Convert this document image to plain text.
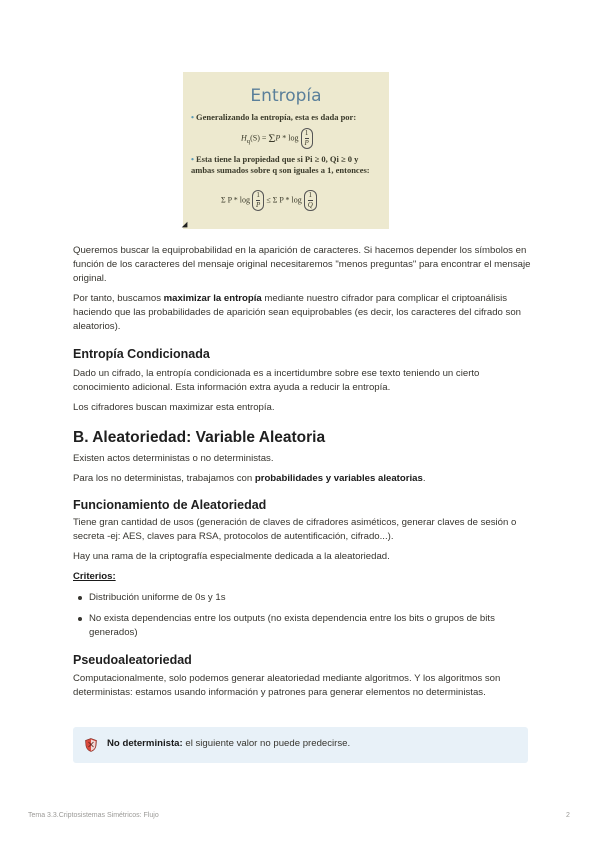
Entropía
• Generalizando la entropía, esta es dada por:
$H_q(S) = \Sigma P * \log \frac{1}{P}$
• Esta tiene la propiedad que si Pi ≥ 0, Qi ≥ 0 y ambas sumados sobre q son iguales a 1, entonces:
Σ $P * \log \frac{1}{P} \le \Sigma$ P * $\log \frac{1}{Q}$

Queremos buscar la equiprobabilidad en la aparición de caracteres. Si hacemos depender los símbolos en función de los caracteres del mensaje original necesitaremos "menos preguntas" para encontrar el mensaje original.

Por tanto, buscamos maximizar la entropía mediante nuestro cifrador para complicar el criptoanálisis haciendo que las probabilidades de aparición sean equiprobables (es decir, los caracteres del cifrado son aleatorios).

Entropía Condicionada

Dado un cifrado, la entropía condicionada es a incertidumbre sobre ese texto teniendo un cierto conocimiento adicional. Esta información extra ayuda a reducir la entropía.

Los cifradores buscan maximizar esta entropía.

B. Aleatoriedad: Variable Aleatoria

Existen actos deterministas o no deterministas.

Para los no deterministas, trabajamos con probabilidades y variables aleatorias.

Funcionamiento de Aleatoriedad

Tiene gran cantidad de usos (generación de claves de cifradores asiméticos, generar claves de sesión o secreta -ej: AES, claves para RSA, protocolos de autentificación, cifrado...).

Hay una rama de la criptografía especialmente dedicada a la aleatoriedad.

Criterios:
Distribución uniforme de 0s y 1s
No exista dependencias entre los outputs (no exista dependencia entre los bits o grupos de bits generados)
Pseudoaleatoriedad

Computacionalmente, solo podemos generar aleatoriedad mediante algoritmos. Y los algoritmos son deterministas: estamos usando información y patrones para generar elementos no deterministas.

No determinista: el siguiente valor no puede predecirse.
Tema 3.3.Criptosistemas Simétricos: Flujo	2
